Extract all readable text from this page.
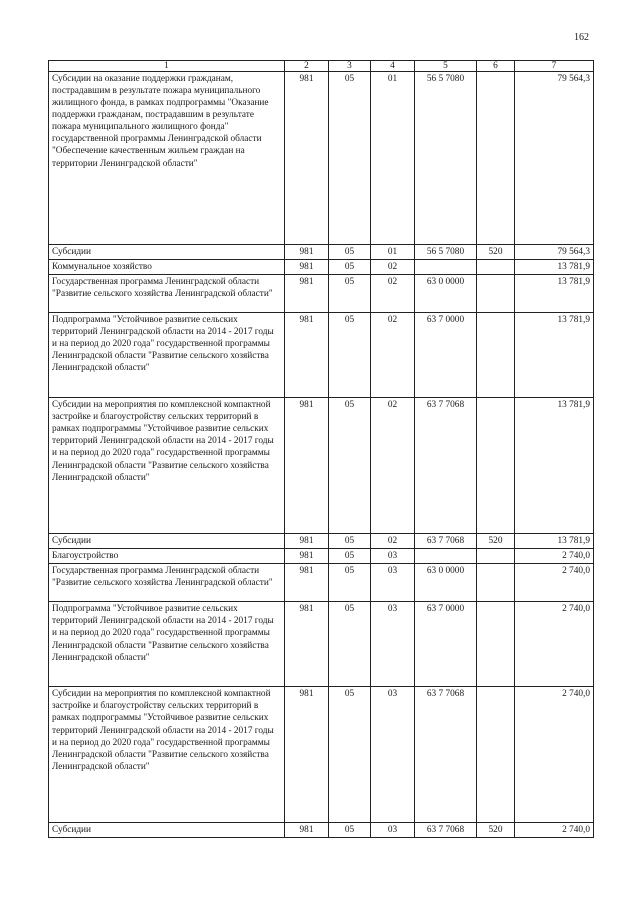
162
1	2	3	4	5	6	7
Субсидии на оказание поддержки гражданам, пострадавшим в результате пожара муниципального жилищного фонда, в рамках подпрограммы "Оказание поддержки гражданам, пострадавшим в результате пожара муниципального жилищного фонда" государственной программы Ленинградской области "Обеспечение качественным жильем граждан на территории Ленинградской области"	981	05	01	56 5 7080		79 564,3
Субсидии	981	05	01	56 5 7080	520	79 564,3
Коммунальное хозяйство	981	05	02			13 781,9
Государственная программа Ленинградской области "Развитие сельского хозяйства Ленинградской области"	981	05	02	63 0 0000		13 781,9
Подпрограмма "Устойчивое развитие сельских территорий Ленинградской области на 2014 - 2017 годы и на период до 2020 года" государственной программы Ленинградской области "Развитие сельского хозяйства Ленинградской области"	981	05	02	63 7 0000		13 781,9
Субсидии на мероприятия по комплексной компактной застройке и благоустройству сельских территорий в рамках подпрограммы "Устойчивое развитие сельских территорий Ленинградской области на 2014 - 2017 годы и на период до 2020 года" государственной программы Ленинградской области "Развитие сельского хозяйства Ленинградской области"	981	05	02	63 7 7068		13 781,9
Субсидии	981	05	02	63 7 7068	520	13 781,9
Благоустройство	981	05	03			2 740,0
Государственная программа Ленинградской области "Развитие сельского хозяйства Ленинградской области"	981	05	03	63 0 0000		2 740,0
Подпрограмма "Устойчивое развитие сельских территорий Ленинградской области на 2014 - 2017 годы и на период до 2020 года" государственной программы Ленинградской области "Развитие сельского хозяйства Ленинградской области"	981	05	03	63 7 0000		2 740,0
Субсидии на мероприятия по комплексной компактной застройке и благоустройству сельских территорий в рамках подпрограммы "Устойчивое развитие сельских территорий Ленинградской области на 2014 - 2017 годы и на период до 2020 года" государственной программы Ленинградской области "Развитие сельского хозяйства Ленинградской области"	981	05	03	63 7 7068		2 740,0
Субсидии	981	05	03	63 7 7068	520	2 740,0
